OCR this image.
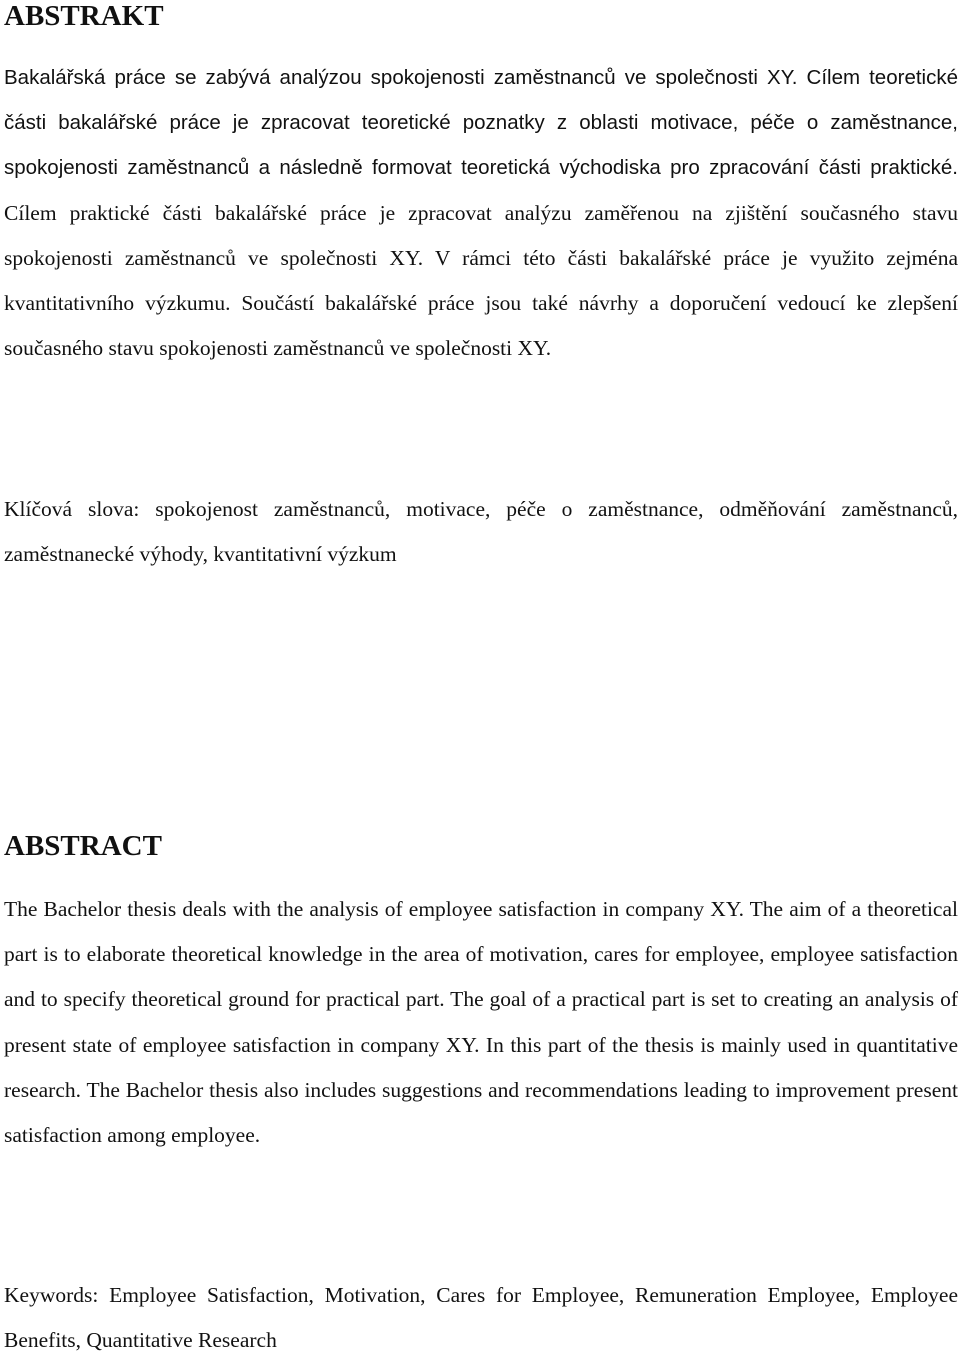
ABSTRAKT

Bakalářská práce se zabývá analýzou spokojenosti zaměstnanců ve společnosti XY. Cílem teoretické části bakalářské práce je zpracovat teoretické poznatky z oblasti motivace, péče o zaměstnance, spokojenosti zaměstnanců a následně formovat teoretická východiska pro zpracování části praktické. Cílem praktické části bakalářské práce je zpracovat analýzu zaměřenou na zjištění současného stavu spokojenosti zaměstnanců ve společnosti XY. V rámci této části bakalářské práce je využito zejména kvantitativního výzkumu. Součástí bakalářské práce jsou také návrhy a doporučení vedoucí ke zlepšení současného stavu spokojenosti zaměstnanců ve společnosti XY.

Klíčová slova: spokojenost zaměstnanců, motivace, péče o zaměstnance, odměňování zaměstnanců, zaměstnanecké výhody, kvantitativní výzkum

ABSTRACT

The Bachelor thesis deals with the analysis of employee satisfaction in company XY. The aim of a theoretical part is to elaborate theoretical knowledge in the area of motivation, cares for employee, employee satisfaction and to specify theoretical ground for practical part. The goal of a practical part is set to creating an analysis of present state of employee satisfaction in company XY. In this part of the thesis is mainly used in quantitative research. The Bachelor thesis also includes suggestions and recommendations leading to improvement present satisfaction among employee.

Keywords: Employee Satisfaction, Motivation, Cares for Employee, Remuneration Employee, Employee Benefits, Quantitative Research
